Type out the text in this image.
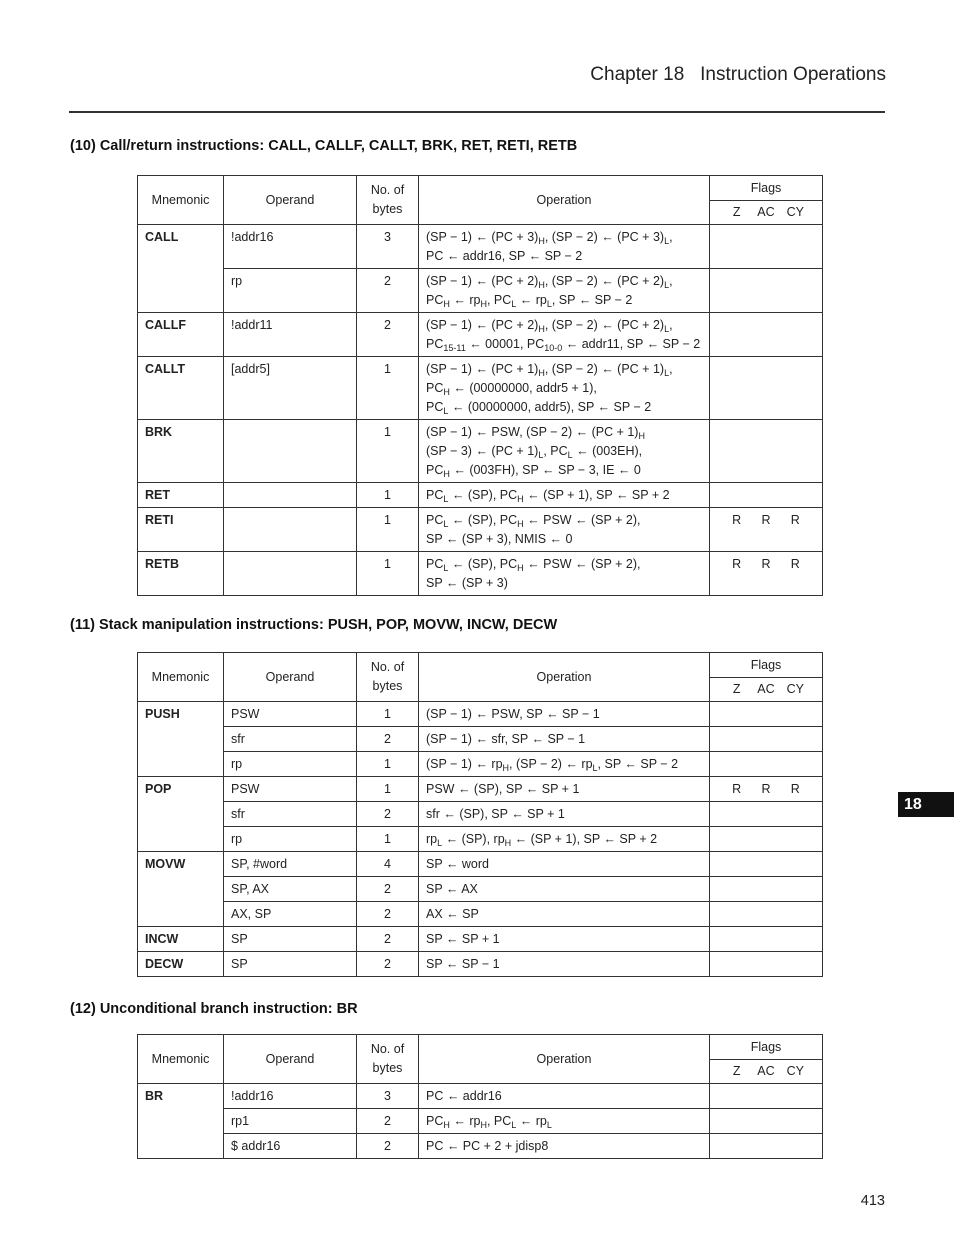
Chapter 18   Instruction Operations
(10) Call/return instructions: CALL, CALLF, CALLT, BRK, RET, RETI, RETB
Mnemonic	Operand	No. of bytes	Operation	Flags

				Z AC CY

CALL	!addr16	3	(SP − 1) ← $(PC + 3)_H$, (SP − 2) ← $(PC + 3)_L$,
PC ← addr16, SP ← SP − 2	

	rp	2	(SP − 1) ← $(PC + 2)_H$, (SP − 2) ← $(PC + 2)_L$,
$PC_H$ ← $rp_H$, $PC_L$ ← $rp_L$, SP ← SP − 2	

CALLF	!addr11	2	(SP − 1) ← $(PC + 2)_H$, (SP − 2) ← $(PC + 2)_L$,
$PC_{15-11}$ ← 00001, $PC_{10-0}$ ← addr11, SP ← SP − 2	

CALLT	[addr5]	1	(SP − 1) ← $(PC + 1)_H$, (SP − 2) ← $(PC + 1)_L$,
$PC_H$ ← (00000000, addr5 + 1),
$PC_L$ ← (00000000, addr5), SP ← SP − 2	

BRK		1	(SP − 1) ← PSW, (SP − 2) ← $(PC + 1)_H$
(SP − 3) ← $(PC + 1)_L$, $PC_L$ ← (003EH),
$PC_H$ ← (003FH), SP ← SP − 3, IE ← 0	

RET		1	$PC_L$ ← (SP), $PC_H$ ← (SP + 1), SP ← SP + 2	

RETI		1	$PC_L$ ← (SP), $PC_H$ ← PSW ← (SP + 2),
SP ← (SP + 3), NMIS ← 0	R R R

RETB		1	$PC_L$ ← (SP), $PC_H$ ← PSW ← (SP + 2),
SP ← (SP + 3)	R R R
(11) Stack manipulation instructions: PUSH, POP, MOVW, INCW, DECW
Mnemonic	Operand	No. of bytes	Operation	Flags

				Z AC CY

PUSH	PSW	1	(SP − 1) ← PSW, SP ← SP − 1	

	sfr	2	(SP − 1) ← sfr, SP ← SP − 1	

	rp	1	(SP − 1) ← $rp_H$, (SP − 2) ← $rp_L$, SP ← SP − 2	

POP	PSW	1	PSW ← (SP), SP ← SP + 1	R R R

	sfr	2	sfr ← (SP), SP ← SP + 1	

	rp	1	$rp_L$ ← (SP), $rp_H$ ← (SP + 1), SP ← SP + 2	

MOVW	SP, #word	4	SP ← word	

	SP, AX	2	SP ← AX	

	AX, SP	2	AX ← SP	

INCW	SP	2	SP ← SP + 1	

DECW	SP	2	SP ← SP − 1	

(12) Unconditional branch instruction: BR
Mnemonic	Operand	No. of bytes	Operation	Flags

				Z AC CY

BR	!addr16	3	PC ← addr16	

	rp1	2	$PC_H$ ← $rp_H$, $PC_L$ ← $rp_L$

	$ addr16	2	PC ← PC + 2 + jdisp8	

18
413
